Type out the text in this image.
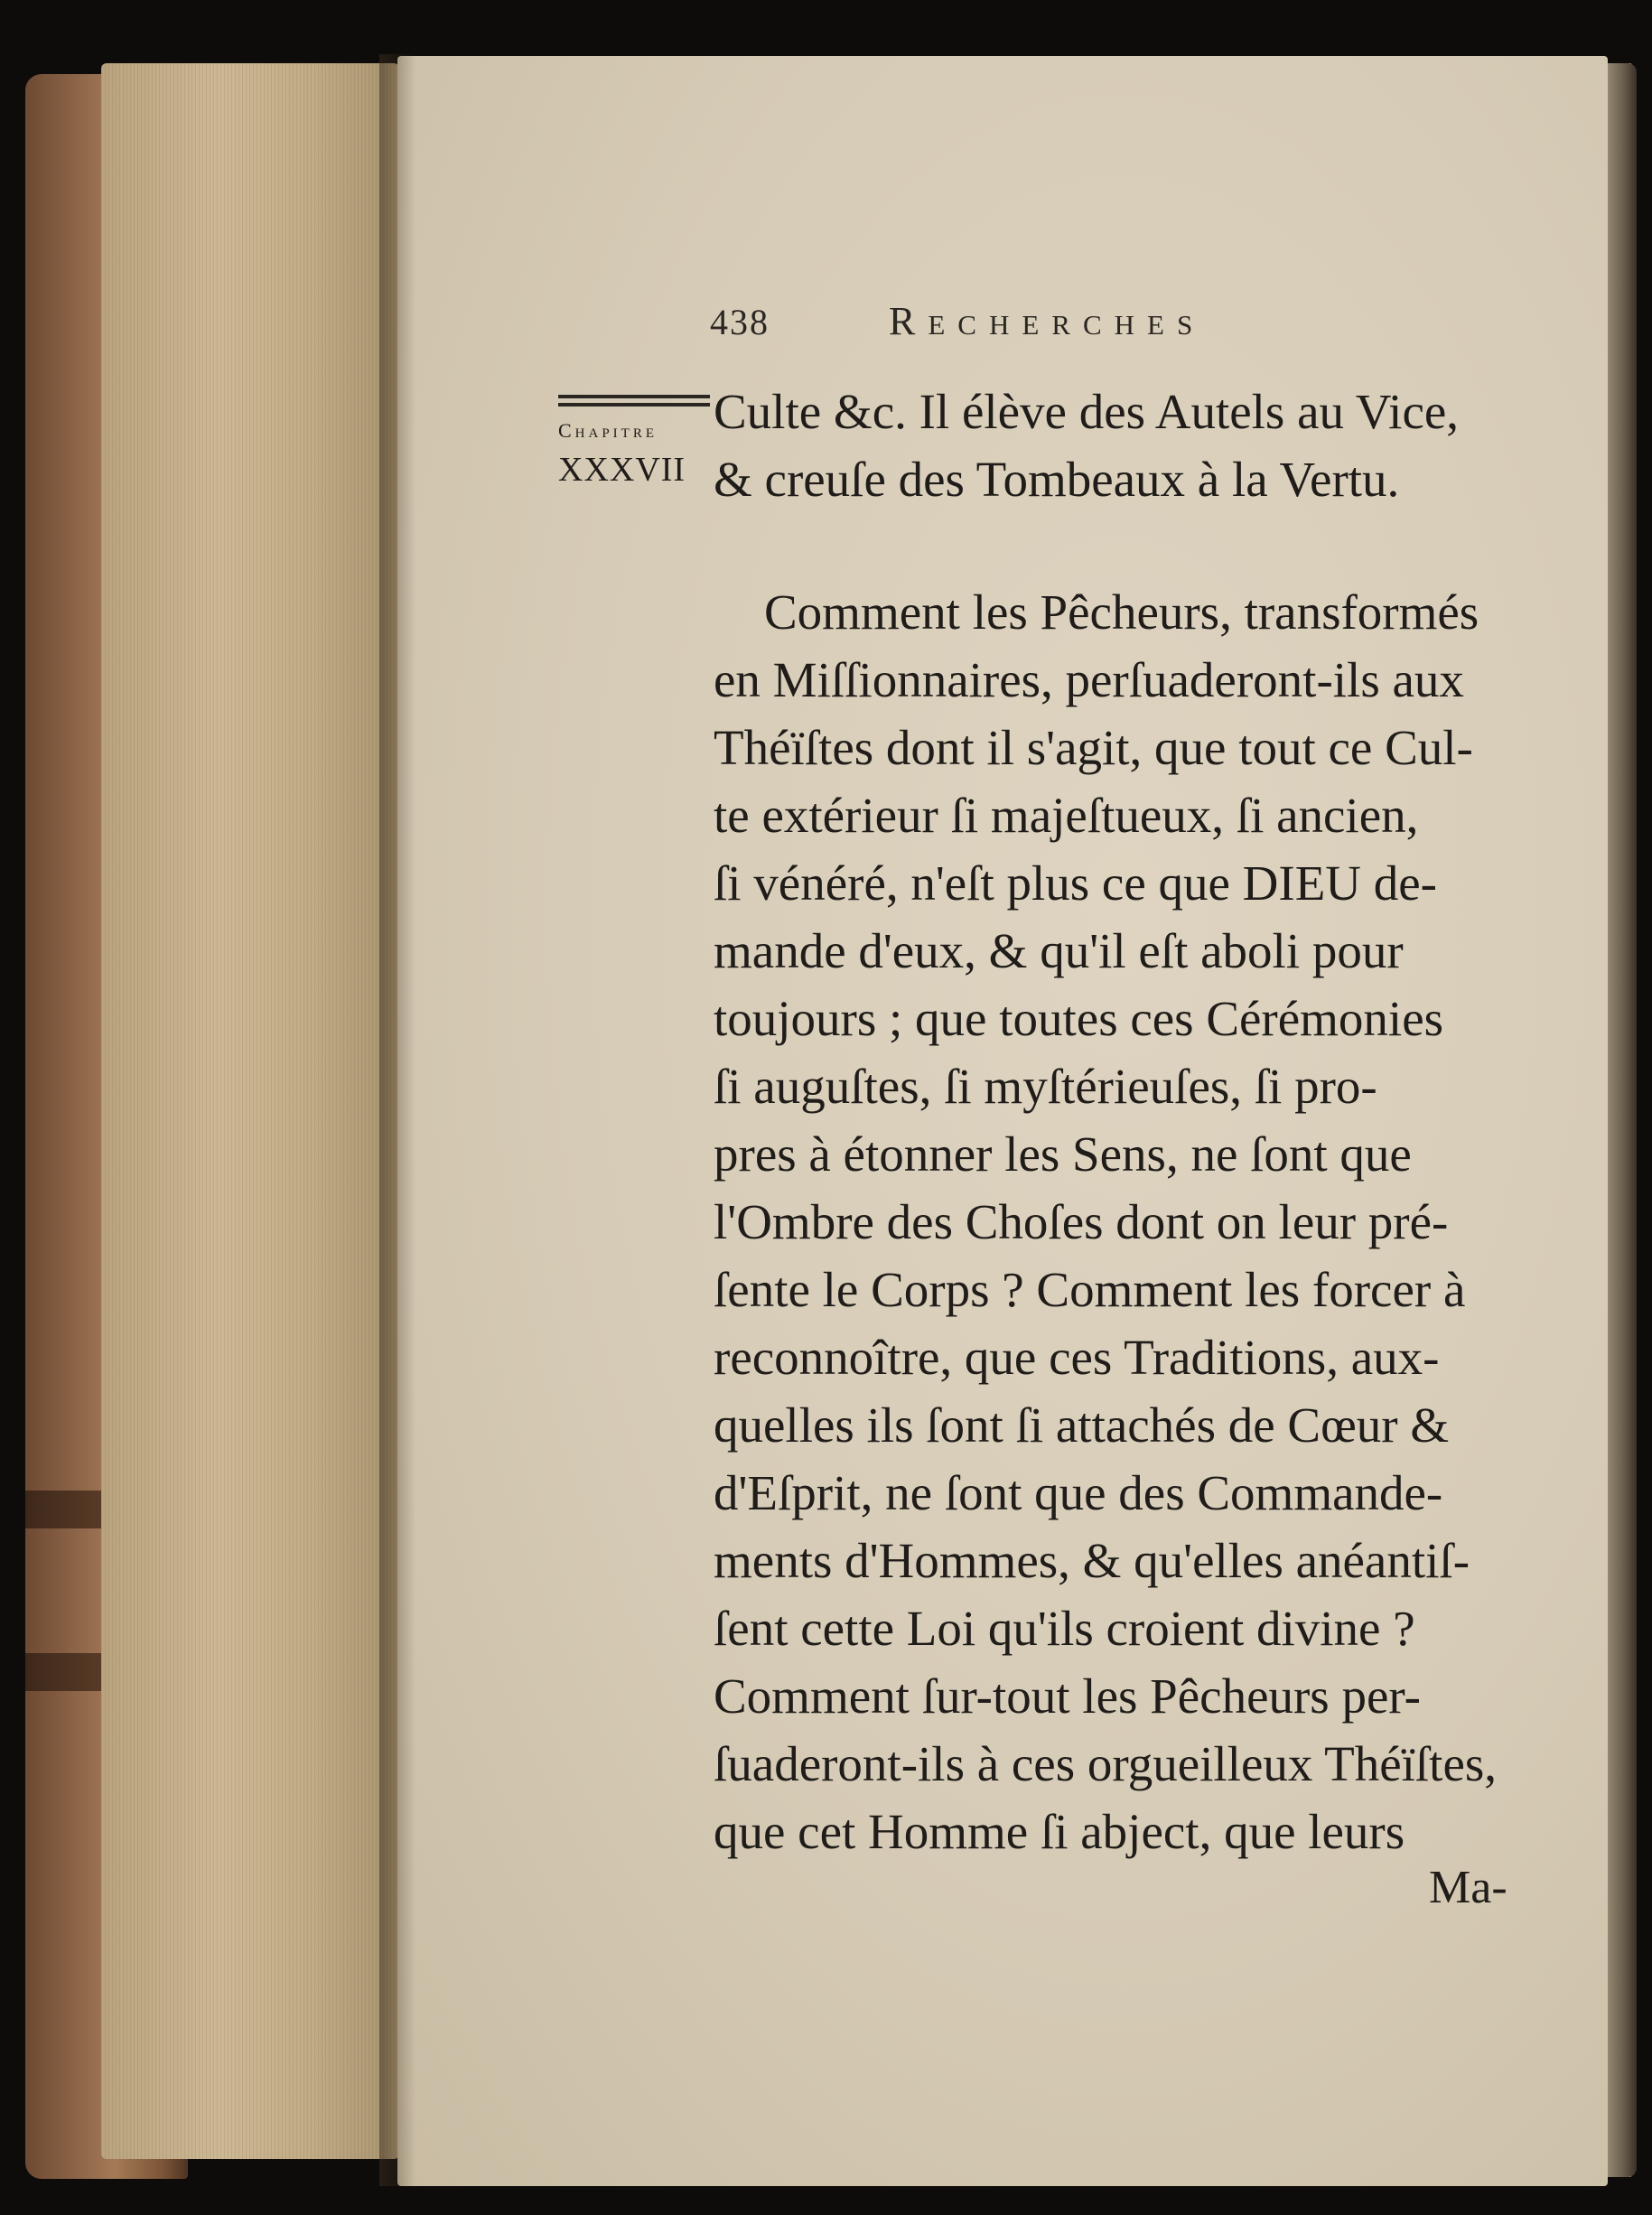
438	Recherches
Chapitre
XXXVII
Culte &c. Il élève des Autels au Vice,
& creuſe des Tombeaux à la Vertu.
Comment les Pêcheurs, transformés
en Miſſionnaires, perſuaderont-ils aux
Théïſtes dont il s'agit, que tout ce Cul-
te extérieur ſi majeſtueux, ſi ancien,
ſi vénéré, n'eſt plus ce que DIEU de-
mande d'eux, & qu'il eſt aboli pour
toujours ; que toutes ces Cérémonies
ſi auguſtes, ſi myſtérieuſes, ſi pro-
pres à étonner les Sens, ne ſont que
l'Ombre des Choſes dont on leur pré-
ſente le Corps ? Comment les forcer à
reconnoître, que ces Traditions, aux-
quelles ils ſont ſi attachés de Cœur &
d'Eſprit, ne ſont que des Commande-
ments d'Hommes, & qu'elles anéantiſ-
ſent cette Loi qu'ils croient divine ?
Comment ſur-tout les Pêcheurs per-
ſuaderont-ils à ces orgueilleux Théïſtes,
que cet Homme ſi abject, que leurs
Ma-
